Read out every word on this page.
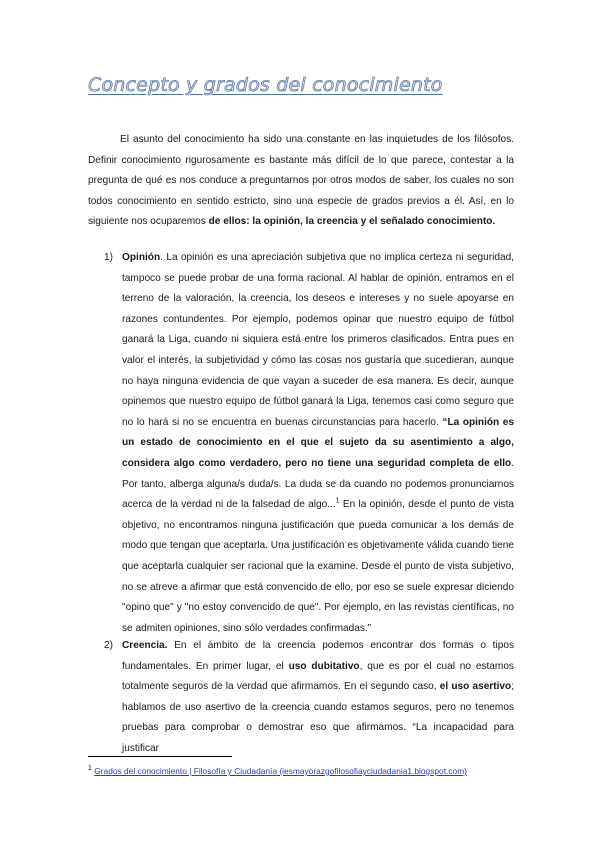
Concepto y grados del conocimiento

El asunto del conocimiento ha sido una constante en las inquietudes de los filósofos. Definir conocimiento rigurosamente es bastante más difícil de lo que parece, contestar a la pregunta de qué es nos conduce a preguntarnos por otros modos de saber, los cuales no son todos conocimiento en sentido estricto, sino una especie de grados previos a él. Así, en lo siguiente nos ocuparemos de ellos: la opinión, la creencia y el señalado conocimiento.

1) Opinión. La opinión es una apreciación subjetiva que no implica certeza ni seguridad, tampoco se puede probar de una forma racional. Al hablar de opinión, entramos en el terreno de la valoración, la creencia, los deseos e intereses y no suele apoyarse en razones contundentes. Por ejemplo, podemos opinar que nuestro equipo de fútbol ganará la Liga, cuando ni siquiera está entre los primeros clasificados. Entra pues en valor el interés, la subjetividad y cómo las cosas nos gustaría que sucedieran, aunque no haya ninguna evidencia de que vayan a suceder de esa manera. Es decir, aunque opinemos que nuestro equipo de fútbol ganará la Liga, tenemos casi como seguro que no lo hará si no se encuentra en buenas circunstancias para hacerlo. “La opinión es un estado de conocimiento en el que el sujeto da su asentimiento a algo, considera algo como verdadero, pero no tiene una seguridad completa de ello. Por tanto, alberga alguna/s duda/s. La duda se da cuando no podemos pronunciarnos acerca de la verdad ni de la falsedad de algo...$^1$ En la opinión, desde el punto de vista objetivo, no encontramos ninguna justificación que pueda comunicar a los demás de modo que tengan que aceptarla. Una justificación es objetivamente válida cuando tiene que aceptarla cualquier ser racional que la examine. Desde el punto de vista subjetivo, no se atreve a afirmar que está convencido de ello, por eso se suele expresar diciendo "opino que" y "no estoy convencido de que". Por ejemplo, en las revistas científicas, no se admiten opiniones, sino sólo verdades confirmadas.”

2) Creencia. En el ámbito de la creencia podemos encontrar dos formas o tipos fundamentales. En primer lugar, el uso dubitativo, que es por el cual no estamos totalmente seguros de la verdad que afirmamos. En el segundo caso, el uso asertivo; hablamos de uso asertivo de la creencia cuando estamos seguros, pero no tenemos pruebas para comprobar o demostrar eso que afirmamos. “La incapacidad para justificar

$^1$ Grados del conocimiento | Filosofía y Ciudadanía (iesmayorazgofilosofiayciudadania1.blogspot.com)
